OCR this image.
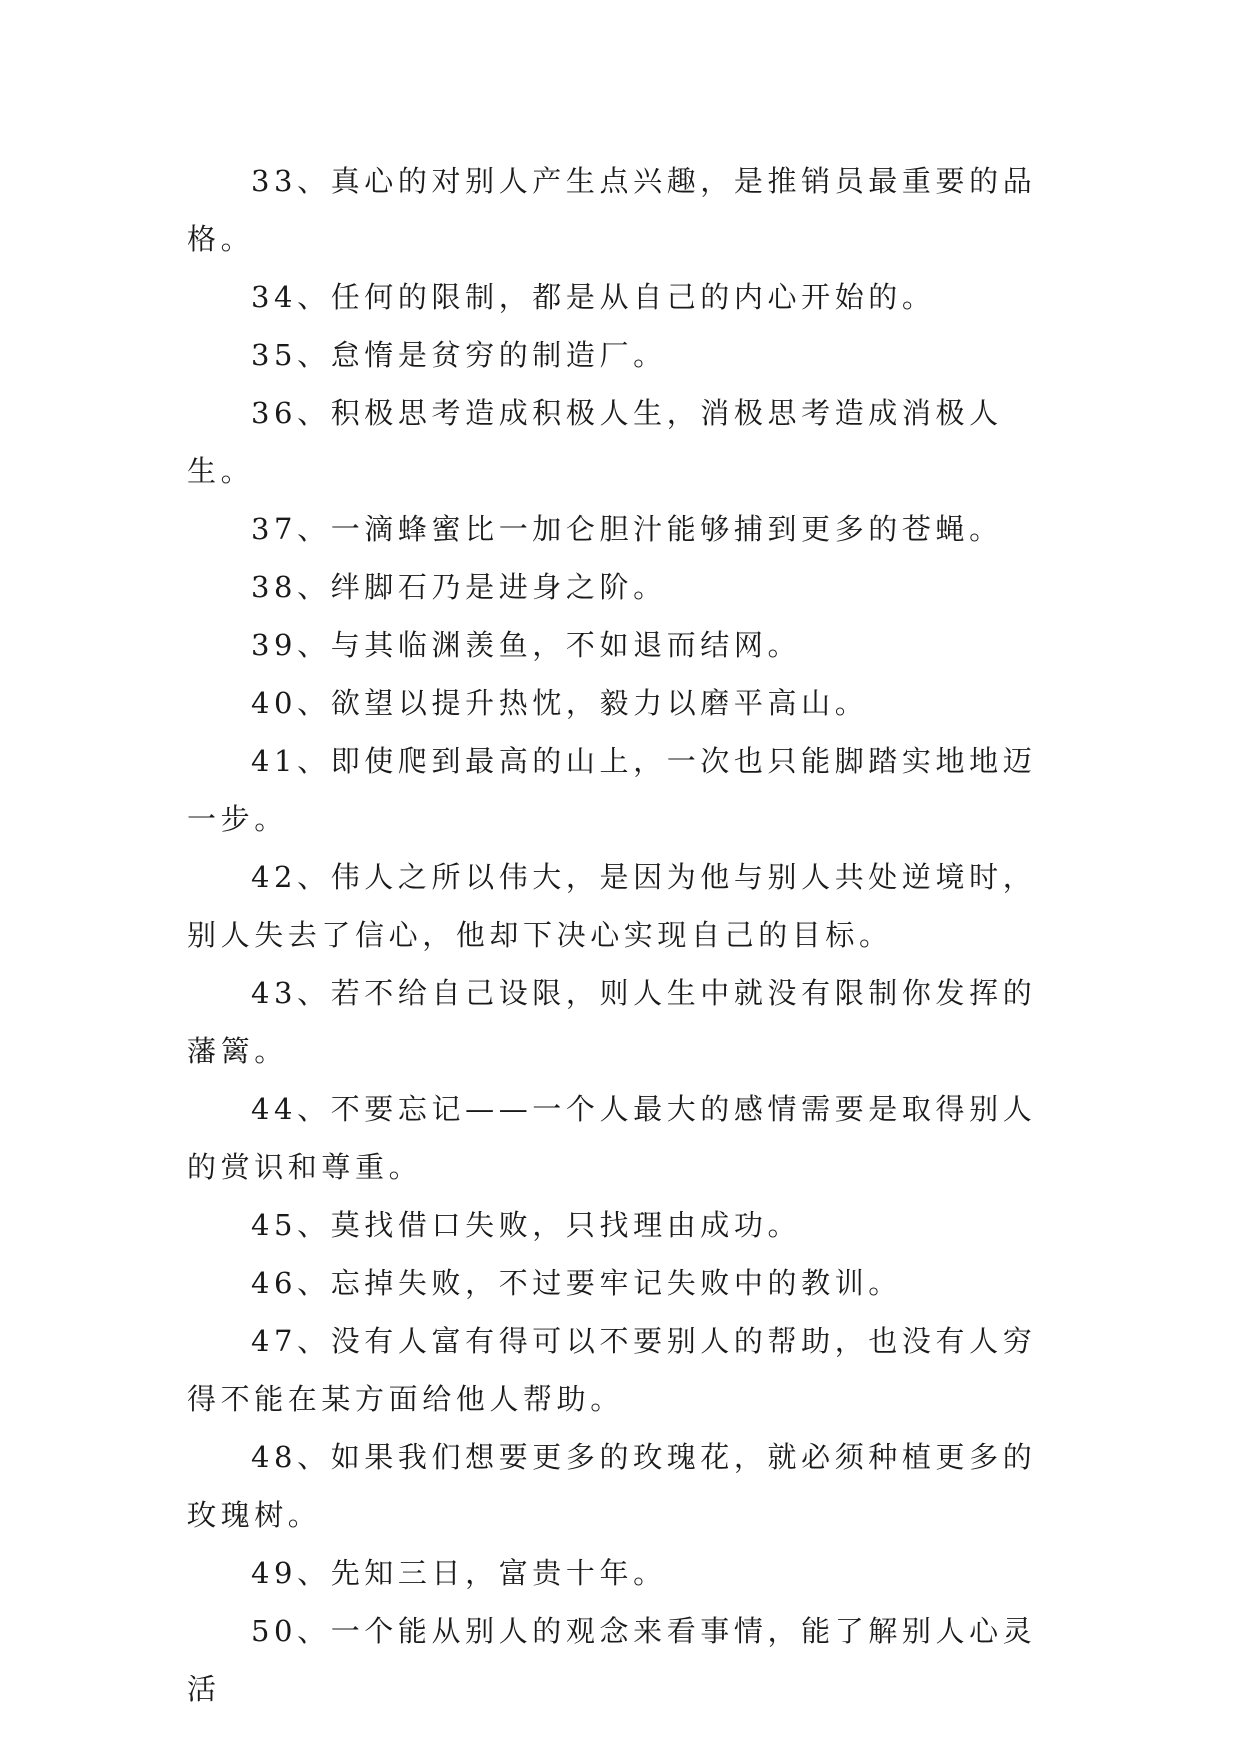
33、真心的对别人产生点兴趣，是推销员最重要的品格。

34、任何的限制，都是从自己的内心开始的。

35、怠惰是贫穷的制造厂。

36、积极思考造成积极人生，消极思考造成消极人生。

37、一滴蜂蜜比一加仑胆汁能够捕到更多的苍蝇。

38、绊脚石乃是进身之阶。

39、与其临渊羡鱼，不如退而结网。

40、欲望以提升热忱，毅力以磨平高山。

41、即使爬到最高的山上，一次也只能脚踏实地地迈一步。

42、伟人之所以伟大，是因为他与别人共处逆境时，别人失去了信心，他却下决心实现自己的目标。

43、若不给自己设限，则人生中就没有限制你发挥的藩篱。

44、不要忘记——一个人最大的感情需要是取得别人的赏识和尊重。

45、莫找借口失败，只找理由成功。

46、忘掉失败，不过要牢记失败中的教训。

47、没有人富有得可以不要别人的帮助，也没有人穷得不能在某方面给他人帮助。

48、如果我们想要更多的玫瑰花，就必须种植更多的玫瑰树。

49、先知三日，富贵十年。

50、一个能从别人的观念来看事情，能了解别人心灵活
